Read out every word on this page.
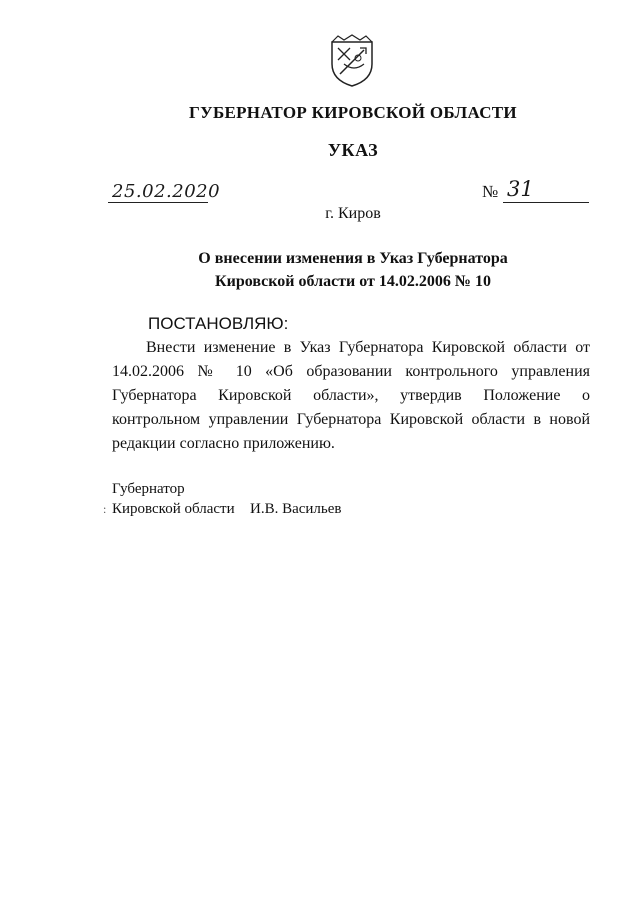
ГУБЕРНАТОР КИРОВСКОЙ ОБЛАСТИ
УКАЗ
25.02.2020	№ 31
г. Киров
О внесении изменения в Указ Губернатора
Кировской области от 14.02.2006 № 10
ПОСТАНОВЛЯЮ:
Внести изменение в Указ Губернатора Кировской области от 14.02.2006 № 10 «Об образовании контрольного управления Губернатора Кировской области», утвердив Положение о контрольном управлении Губернатора Кировской области в новой редакции согласно приложению.
Губернатор
Кировской области И.В. Васильев
:
